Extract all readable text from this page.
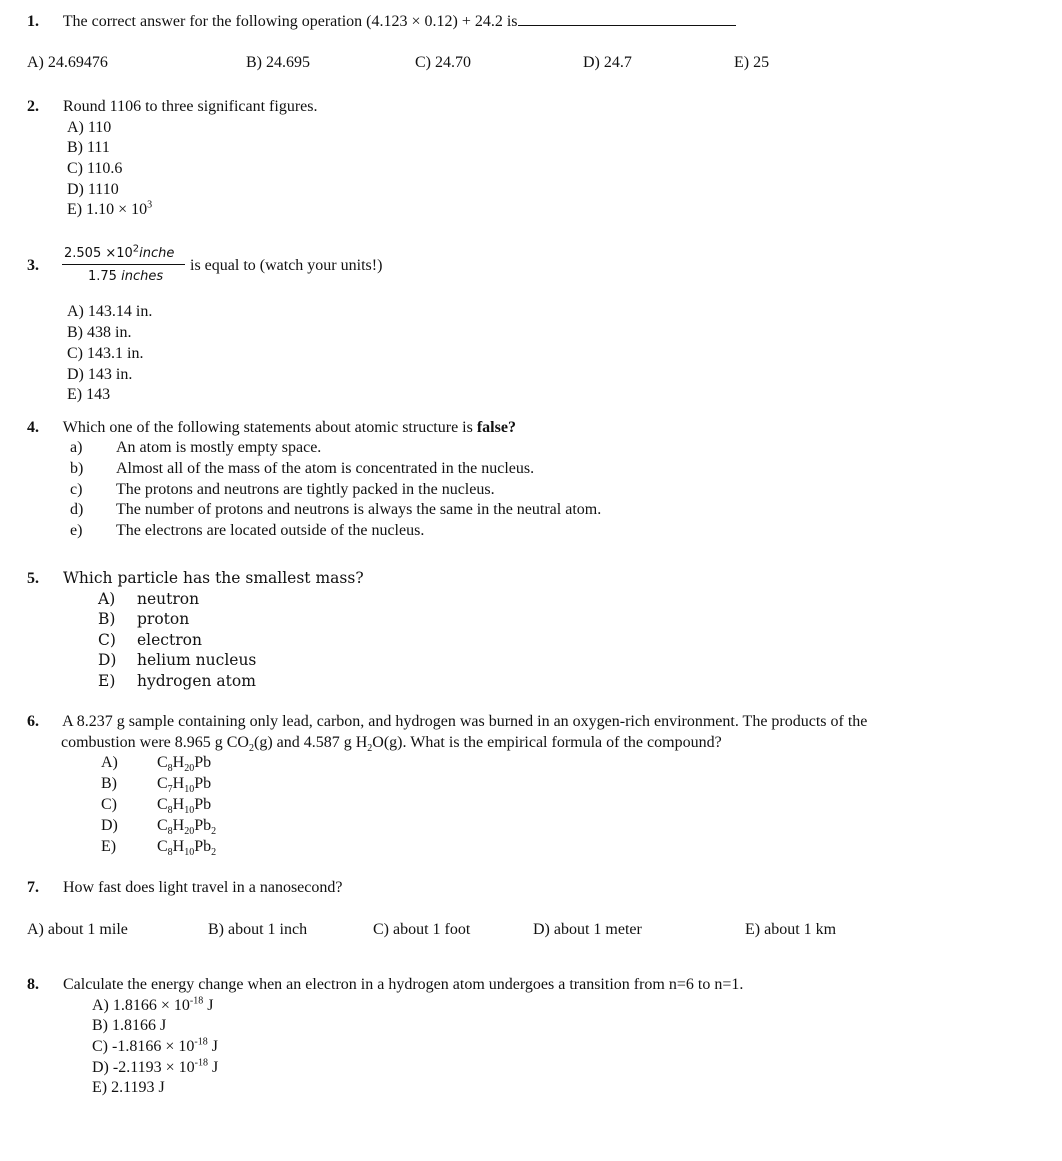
1. The correct answer for the following operation (4.123 × 0.12) + 24.2 is
A) 24.69476	B) 24.695	C) 24.70	D) 24.7	E) 25
2. Round 1106 to three significant figures.
A) 110
B) 111
C) 110.6
D) 1110
E) $1.10 \times 10^3$
3.
$2.505 \times 10^2inche$
1.75 inches
is equal to (watch your units!)
A) 143.14 in.
B) 438 in.
C) 143.1 in.
D) 143 in.
E) 143
4. Which one of the following statements about atomic structure is false?
a) An atom is mostly empty space.
b) Almost all of the mass of the atom is concentrated in the nucleus.
c) The protons and neutrons are tightly packed in the nucleus.
d) The number of protons and neutrons is always the same in the neutral atom.
e) The electrons are located outside of the nucleus.
5. Which particle has the smallest mass?
A) neutron
B) proton
C) electron
D) helium nucleus
E) hydrogen atom
6. A 8.237 g sample containing only lead, carbon, and hydrogen was burned in an oxygen-rich environment. The products of the
combustion were 8.965 g $CO_2(g)$ and 4.587 g $H_2O(g)$. What is the empirical formula of the compound?
A) $C_8H_{20}Pb$
B)	$C_7H_{10}Pb$
C)	$C_8H_{10}Pb$
D) $C_8H_{20}Pb_2$
E)	$C_8H_{10}Pb_2$
7. How fast does light travel in a nanosecond?
A) about 1 mile	B) about 1 inch	C) about 1 foot	D) about 1 meter	E) about 1 km
8. Calculate the energy change when an electron in a hydrogen atom undergoes a transition from n=6 to n=1.
A) $1.8166 \times 10^{-18}$ J
B) 1.8166 J
C) $-1.8166 \times 10^{-18}$ J
D) $-2.1193 \times 10^{-18}$ J
E) 2.1193 J
